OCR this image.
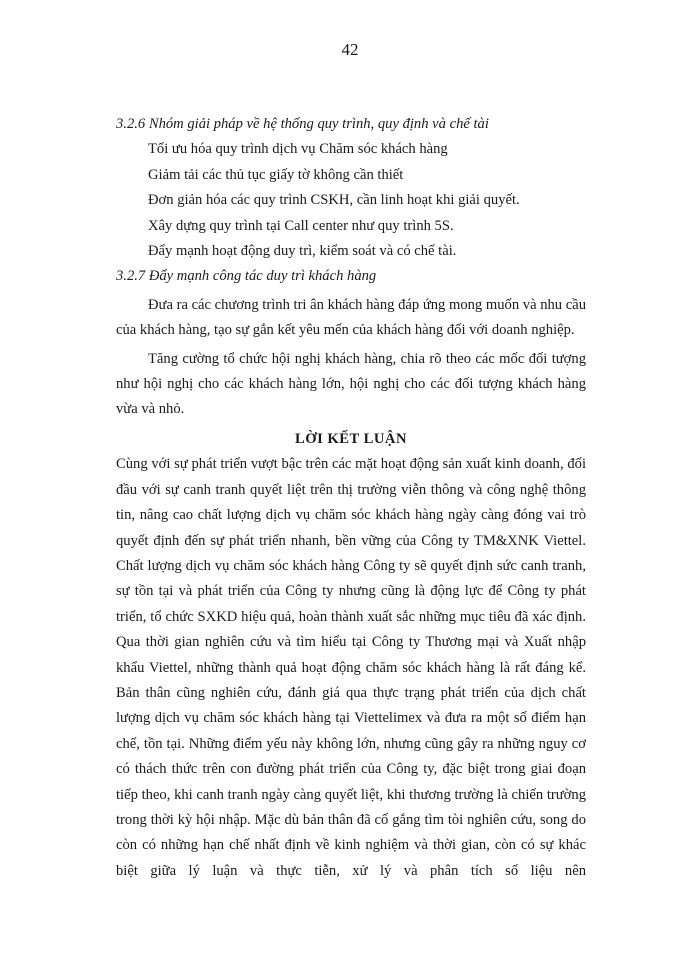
42

3.2.6 Nhóm giải pháp về hệ thống quy trình, quy định và chế tài

Tối ưu hóa quy trình dịch vụ Chăm sóc khách hàng

Giảm tải các thủ tục giấy tờ không cần thiết

Đơn giản hóa các quy trình CSKH, cần linh hoạt khi giải quyết.

Xây dựng quy trình tại Call center như quy trình 5S.

Đẩy mạnh hoạt động duy trì, kiểm soát và có chế tài.

3.2.7 Đẩy mạnh công tác duy trì khách hàng

Đưa ra các chương trình tri ân khách hàng đáp ứng mong muốn và nhu cầu của khách hàng, tạo sự gắn kết yêu mến của khách hàng đối với doanh nghiệp.

Tăng cường tổ chức hội nghị khách hàng, chia rõ theo các mốc đối tượng như hội nghị cho các khách hàng lớn, hội nghị cho các đối tượng khách hàng vừa và nhỏ.

LỜI KẾT LUẬN

Cùng với sự phát triển vượt bậc trên các mặt hoạt động sản xuất kinh doanh, đối đầu với sự canh tranh quyết liệt trên thị trường viễn thông và công nghệ thông tin, nâng cao chất lượng dịch vụ chăm sóc khách hàng ngày càng đóng vai trò quyết định đến sự phát triển nhanh, bền vững của Công ty TM&XNK Viettel. Chất lượng dịch vụ chăm sóc khách hàng Công ty sẽ quyết định sức canh tranh, sự tồn tại và phát triển của Công ty nhưng cũng là động lực để Công ty phát triển, tổ chức SXKD hiệu quả, hoàn thành xuất sắc những mục tiêu đã xác định. Qua thời gian nghiên cứu và tìm hiểu tại Công ty Thương mại và Xuất nhập khẩu Viettel, những thành quả hoạt động chăm sóc khách hàng là rất đáng kể. Bản thân cũng nghiên cứu, đánh giá qua thực trạng phát triển của dịch chất lượng dịch vụ chăm sóc khách hàng tại Viettelimex và đưa ra một số điểm hạn chế, tồn tại. Những điểm yếu này không lớn, nhưng cũng gây ra những nguy cơ có thách thức trên con đường phát triển của Công ty, đặc biệt trong giai đoạn tiếp theo, khi canh tranh ngày càng quyết liệt, khi thương trường là chiến trường trong thời kỳ hội nhập. Mặc dù bản thân đã cố gắng tìm tòi nghiên cứu, song do còn có những hạn chế nhất định về kinh nghiệm và thời gian, còn có sự khác biệt giữa lý luận và thực tiễn, xử lý và phân tích số liệu nên
